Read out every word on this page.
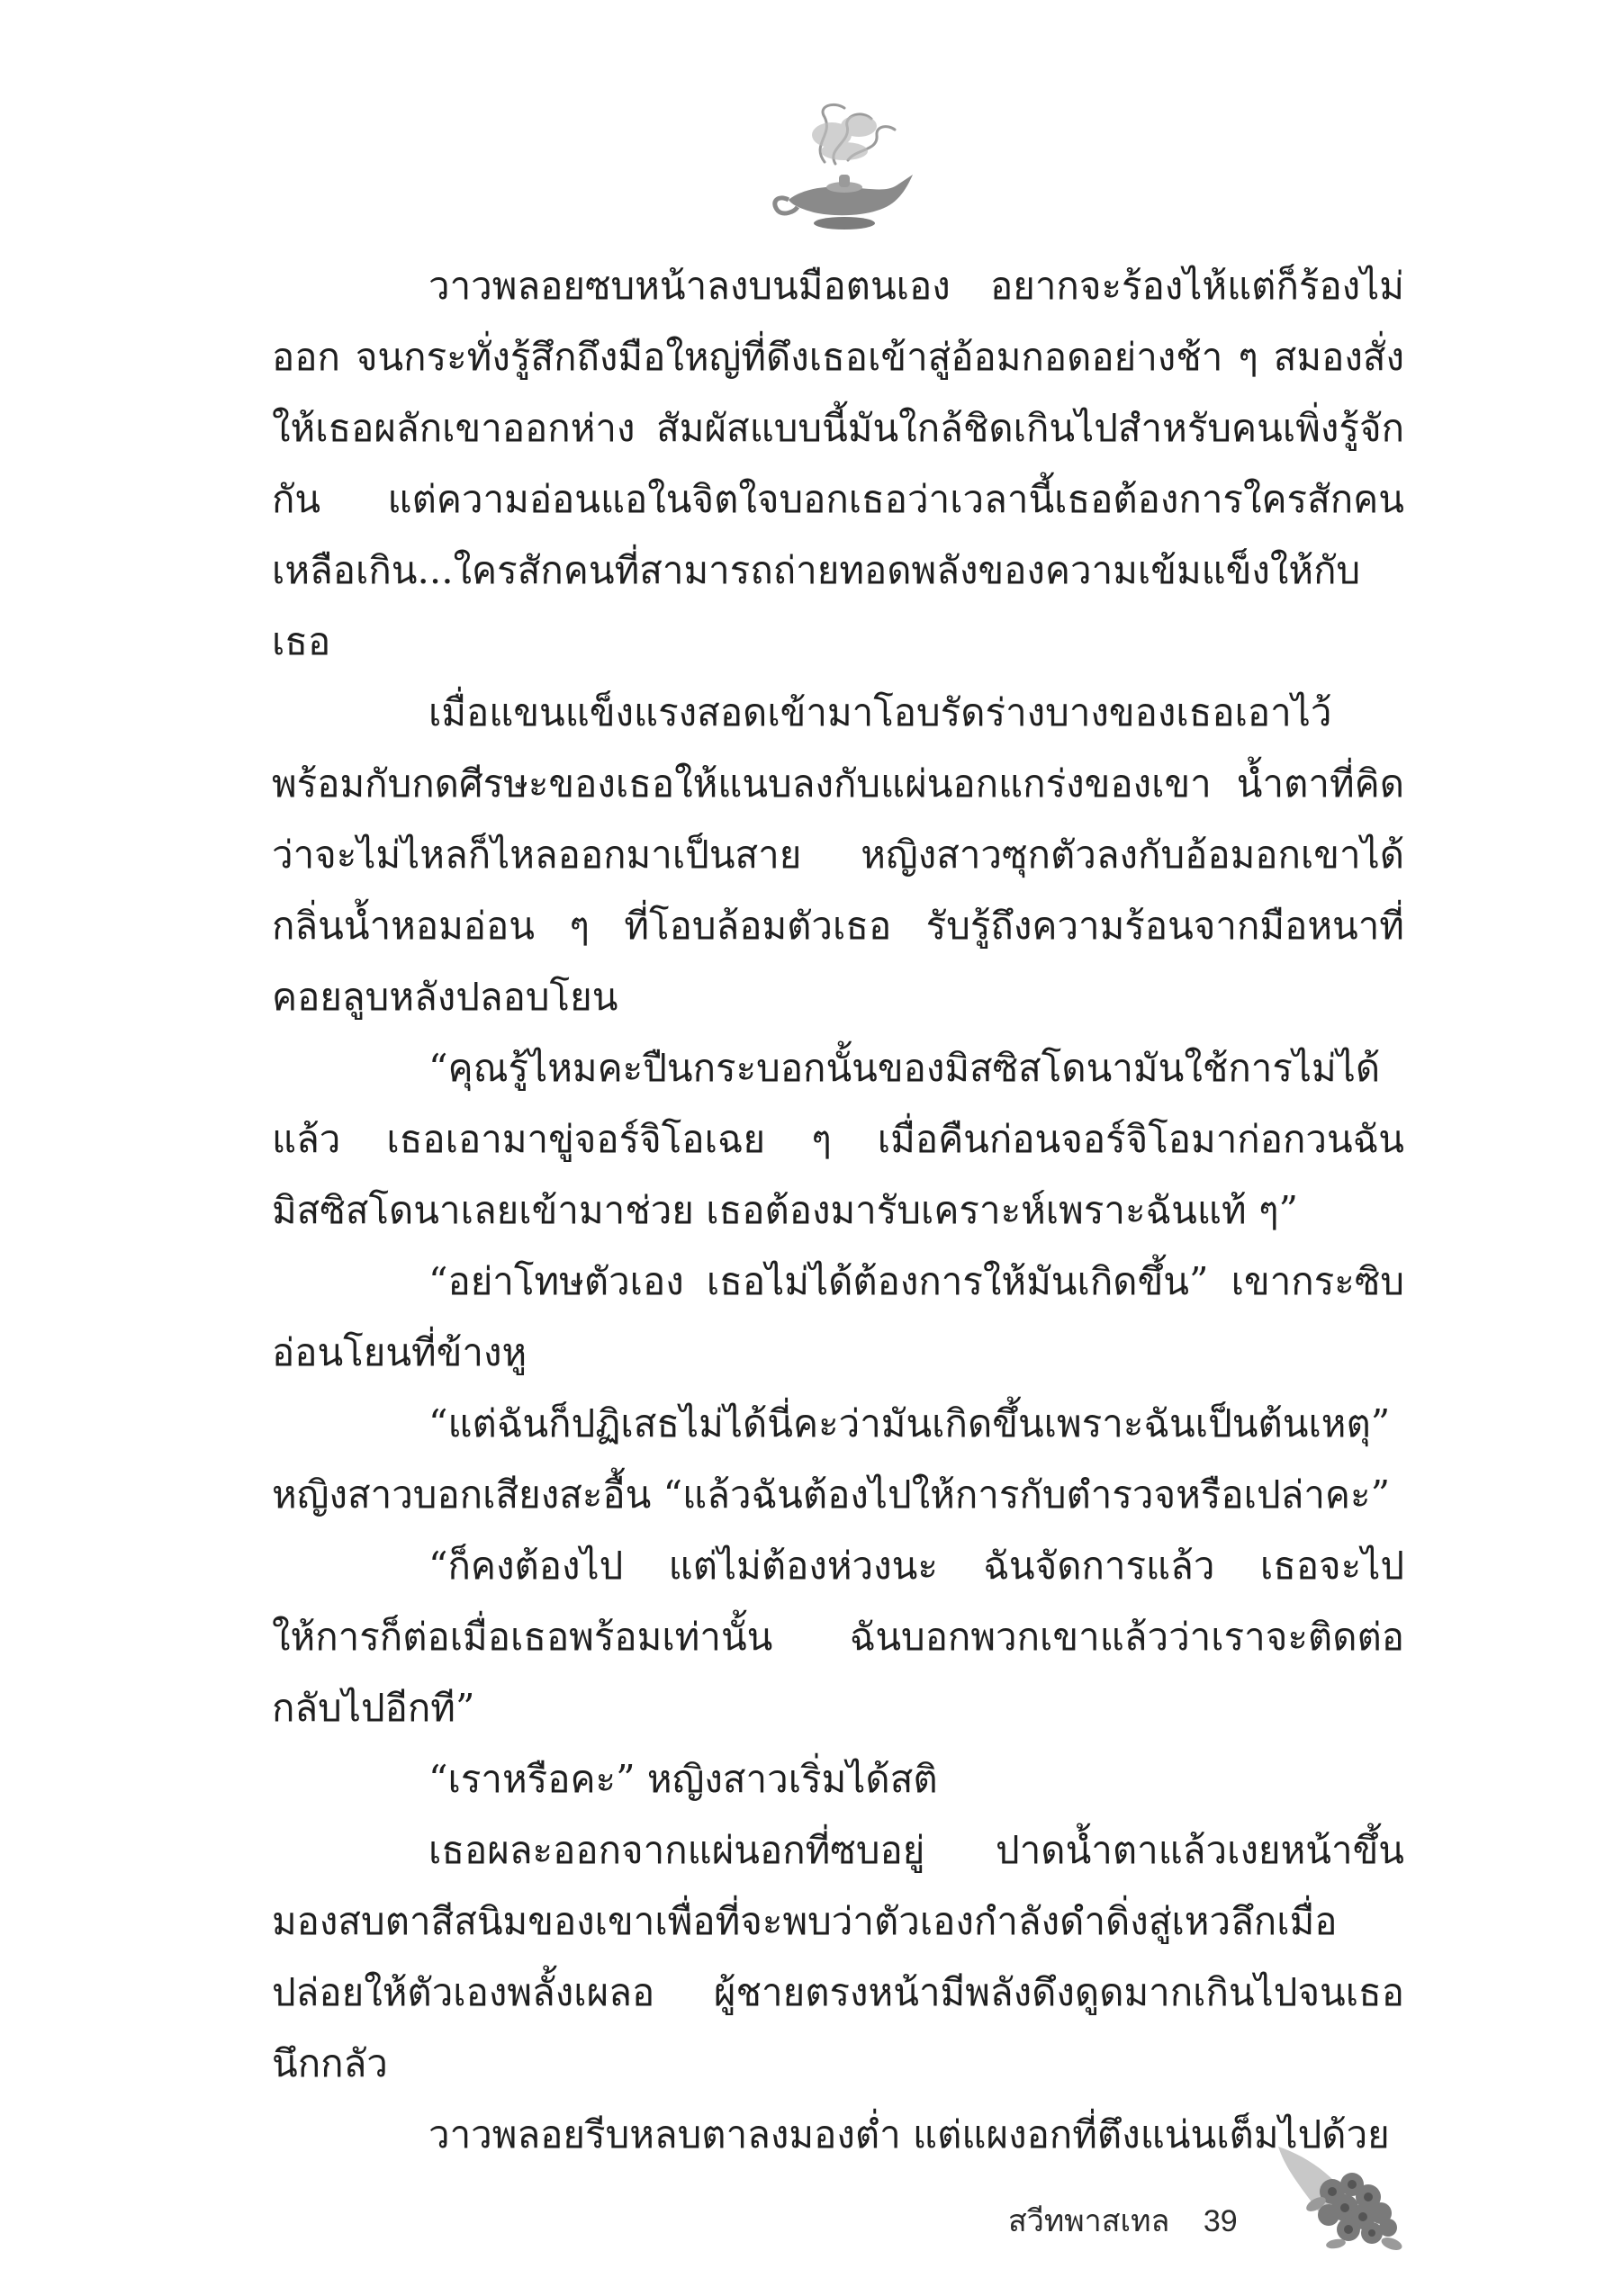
วาวพลอยซบหน้าลงบนมือตนเอง อยากจะร้องไห้แต่ก็ร้องไม่ออก จนกระทั่งรู้สึกถึงมือใหญ่ที่ดึงเธอเข้าสู่อ้อมกอดอย่างช้า ๆ สมองสั่งให้เธอผลักเขาออกห่าง สัมผัสแบบนี้มันใกล้ชิดเกินไปสำหรับคนเพิ่งรู้จักกัน แต่ความอ่อนแอในจิตใจบอกเธอว่าเวลานี้เธอต้องการใครสักคนเหลือเกิน...ใครสักคนที่สามารถถ่ายทอดพลังของความเข้มแข็งให้กับเธอ

เมื่อแขนแข็งแรงสอดเข้ามาโอบรัดร่างบางของเธอเอาไว้พร้อมกับกดศีรษะของเธอให้แนบลงกับแผ่นอกแกร่งของเขา น้ำตาที่คิดว่าจะไม่ไหลก็ไหลออกมาเป็นสาย หญิงสาวซุกตัวลงกับอ้อมอกเขาได้กลิ่นน้ำหอมอ่อน ๆ ที่โอบล้อมตัวเธอ รับรู้ถึงความร้อนจากมือหนาที่คอยลูบหลังปลอบโยน

“คุณรู้ไหมคะปืนกระบอกนั้นของมิสซิสโดนามันใช้การไม่ได้แล้ว เธอเอามาขู่จอร์จิโอเฉย ๆ เมื่อคืนก่อนจอร์จิโอมาก่อกวนฉัน มิสซิสโดนาเลยเข้ามาช่วย เธอต้องมารับเคราะห์เพราะฉันแท้ ๆ”

“อย่าโทษตัวเอง เธอไม่ได้ต้องการให้มันเกิดขึ้น” เขากระซิบอ่อนโยนที่ข้างหู

“แต่ฉันก็ปฏิเสธไม่ได้นี่คะว่ามันเกิดขึ้นเพราะฉันเป็นต้นเหตุ” หญิงสาวบอกเสียงสะอื้น “แล้วฉันต้องไปให้การกับตำรวจหรือเปล่าคะ”

“ก็คงต้องไป แต่ไม่ต้องห่วงนะ ฉันจัดการแล้ว เธอจะไปให้การก็ต่อเมื่อเธอพร้อมเท่านั้น ฉันบอกพวกเขาแล้วว่าเราจะติดต่อกลับไปอีกที”

“เราหรือคะ” หญิงสาวเริ่มได้สติ

เธอผละออกจากแผ่นอกที่ซบอยู่ ปาดน้ำตาแล้วเงยหน้าขึ้นมองสบตาสีสนิมของเขาเพื่อที่จะพบว่าตัวเองกำลังดำดิ่งสู่เหวลึกเมื่อปล่อยให้ตัวเองพลั้งเผลอ ผู้ชายตรงหน้ามีพลังดึงดูดมากเกินไปจนเธอนึกกลัว

วาวพลอยรีบหลบตาลงมองต่ำ แต่แผงอกที่ตึงแน่นเต็มไปด้วย

สวีทพาสเทล 39
